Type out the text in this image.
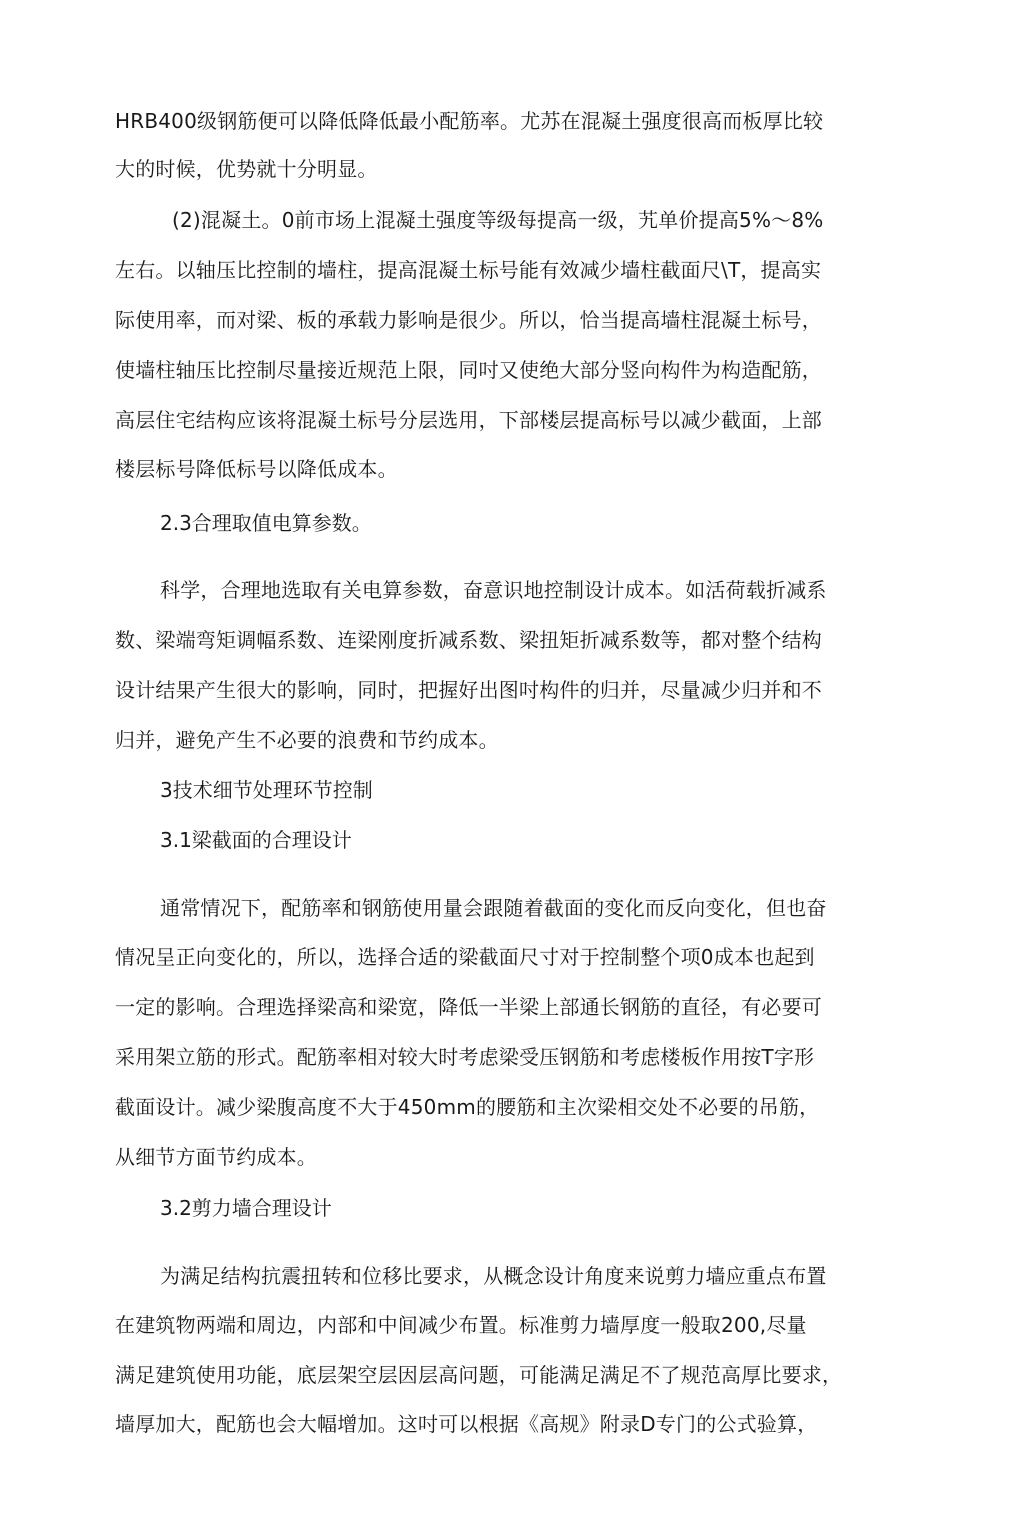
HRB400级钢筋便可以降低降低最小配筋率。尤苏在混凝土强度很高而板厚比较
大的时候，优势就十分明显。
(2)混凝土。0前市场上混凝土强度等级每提高一级，艽单价提高5%～8%
左右。以轴压比控制的墙柱，提高混凝土标号能有效减少墙柱截面尺\T，提高实
际使用率，而对梁、板的承载力影响是很少。所以，恰当提高墙柱混凝土标号，
使墙柱轴压比控制尽量接近规范上限，同吋又使绝大部分竖向构件为构造配筋，
高层住宅结构应该将混凝土标号分层选用，下部楼层提高标号以减少截面，上部
楼层标号降低标号以降低成本。
2.3合理取值电算参数。
科学，合理地选取有关电算参数，奋意识地控制设计成本。如活荷载折减系
数、梁端弯矩调幅系数、连梁刚度折减系数、梁扭矩折减系数等，都对整个结构
设计结果产生很大的影响，同时，把握好出图吋构件的归并，尽量减少归并和不
归并，避免产生不必要的浪费和节约成本。
3技术细节处理环节控制
3.1梁截面的合理设计
通常情况下，配筋率和钢筋使用量会跟随着截面的变化而反向变化，但也奋
情况呈正向变化的，所以，选择合适的梁截面尺寸对于控制整个项0成本也起到
一定的影响。合理选择梁高和梁宽，降低一半梁上部通长钢筋的直径，有必要可
采用架立筋的形式。配筋率相对较大时考虑梁受压钢筋和考虑楼板作用按T字形
截面设计。减少梁腹高度不大于450mm的腰筋和主次梁相交处不必要的吊筋，
从细节方面节约成本。
3.2剪力墙合理设计
为满足结构抗震扭转和位移比要求，从概念设计角度来说剪力墙应重点布置
在建筑物两端和周边，内部和中间减少布置。标准剪力墙厚度一般取200,尽量
满足建筑使用功能，底层架空层因层高问题，可能满足满足不了规范高厚比要求，
墙厚加大，配筋也会大幅增加。这吋可以根据《高规》附录D专门的公式验算，
